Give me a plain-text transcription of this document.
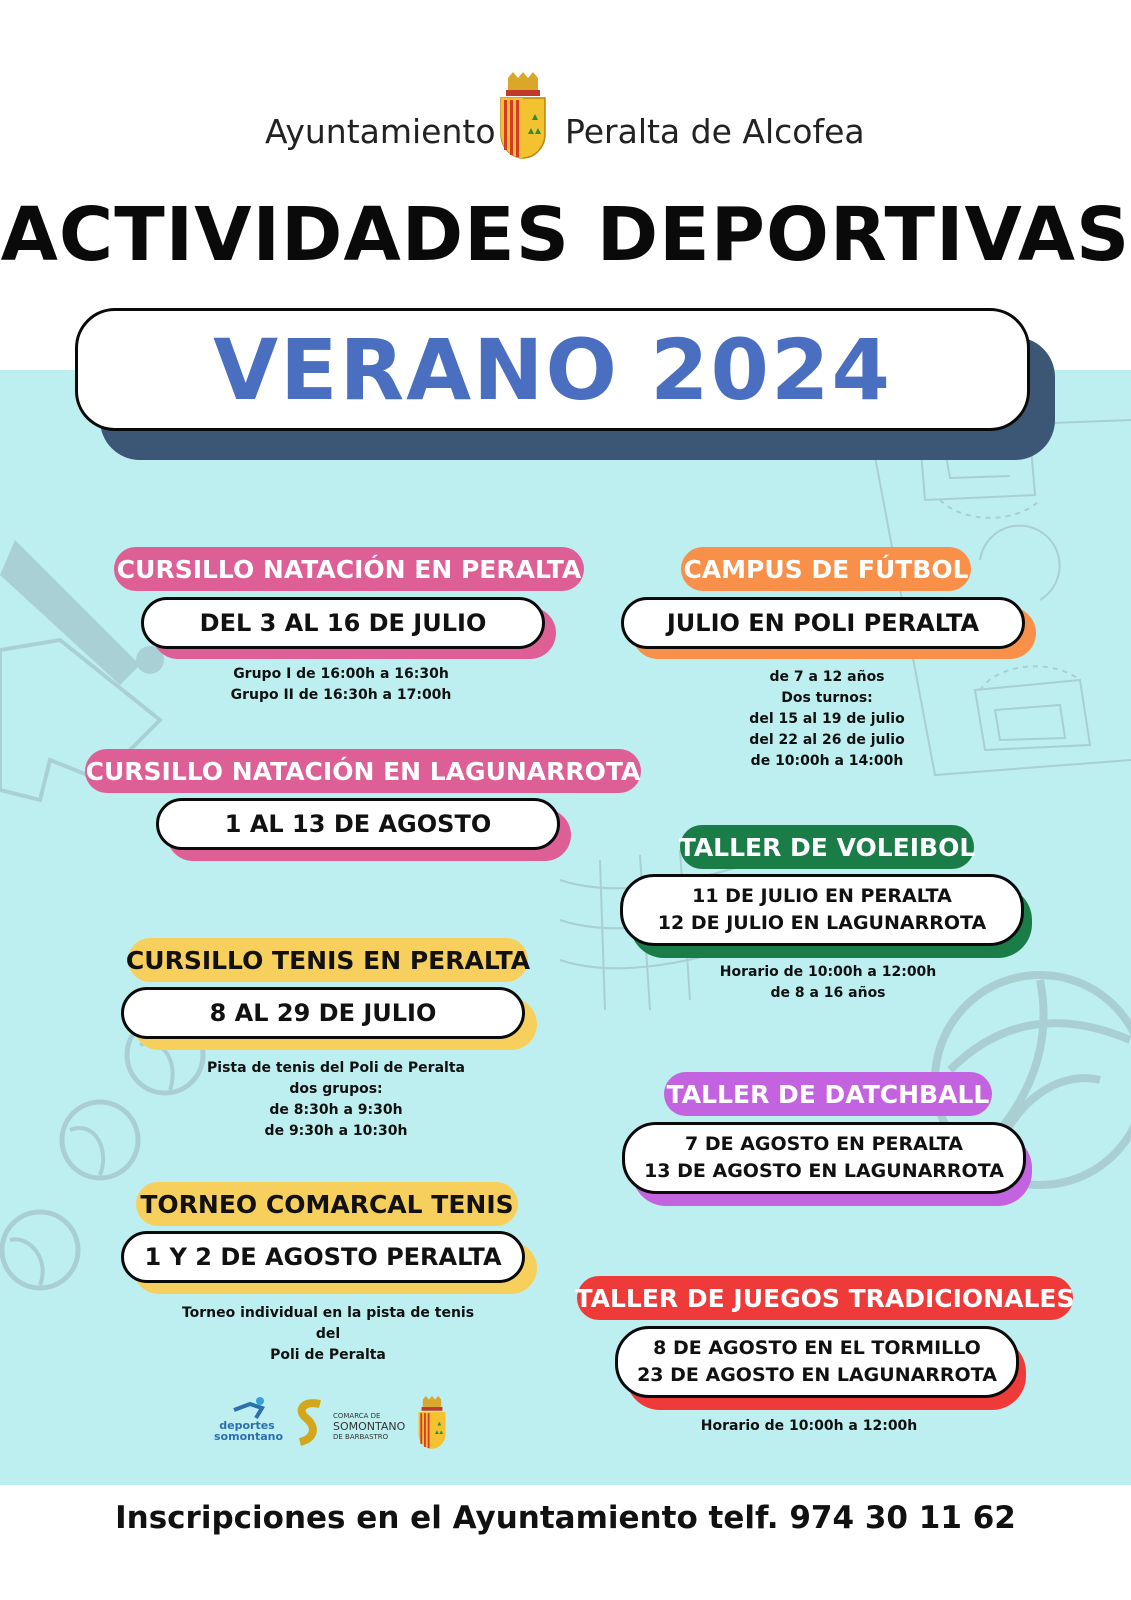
Ayuntamiento Peralta de Alcofea
ACTIVIDADES DEPORTIVAS
VERANO 2024
CURSILLO NATACIÓN EN PERALTA
DEL 3 AL 16 DE JULIO
Grupo I de 16:00h a 16:30h
Grupo II de 16:30h a 17:00h
CURSILLO NATACIÓN EN LAGUNARROTA
1 AL 13 DE AGOSTO
CURSILLO TENIS EN PERALTA
8 AL 29 DE JULIO
Pista de tenis del Poli de Peralta
dos grupos:
de 8:30h a 9:30h
de 9:30h a 10:30h
TORNEO COMARCAL TENIS
1 Y 2 DE AGOSTO PERALTA
Torneo individual en la pista de tenis
del
Poli de Peralta
deportes
somontano
COMARCA DE
SOMONTANO
DE BARBASTRO
CAMPUS DE FÚTBOL
JULIO EN POLI PERALTA
de 7 a 12 años
Dos turnos:
del 15 al 19 de julio
del 22 al 26 de julio
de 10:00h a 14:00h
TALLER DE VOLEIBOL
11 DE JULIO EN PERALTA
12 DE JULIO EN LAGUNARROTA
Horario de 10:00h a 12:00h
de 8 a 16 años
TALLER DE DATCHBALL
7 DE AGOSTO EN PERALTA
13 DE AGOSTO EN LAGUNARROTA
TALLER DE JUEGOS TRADICIONALES
8 DE AGOSTO EN EL TORMILLO
23 DE AGOSTO EN LAGUNARROTA
Horario de 10:00h a 12:00h
Inscripciones en el Ayuntamiento telf. 974 30 11 62
